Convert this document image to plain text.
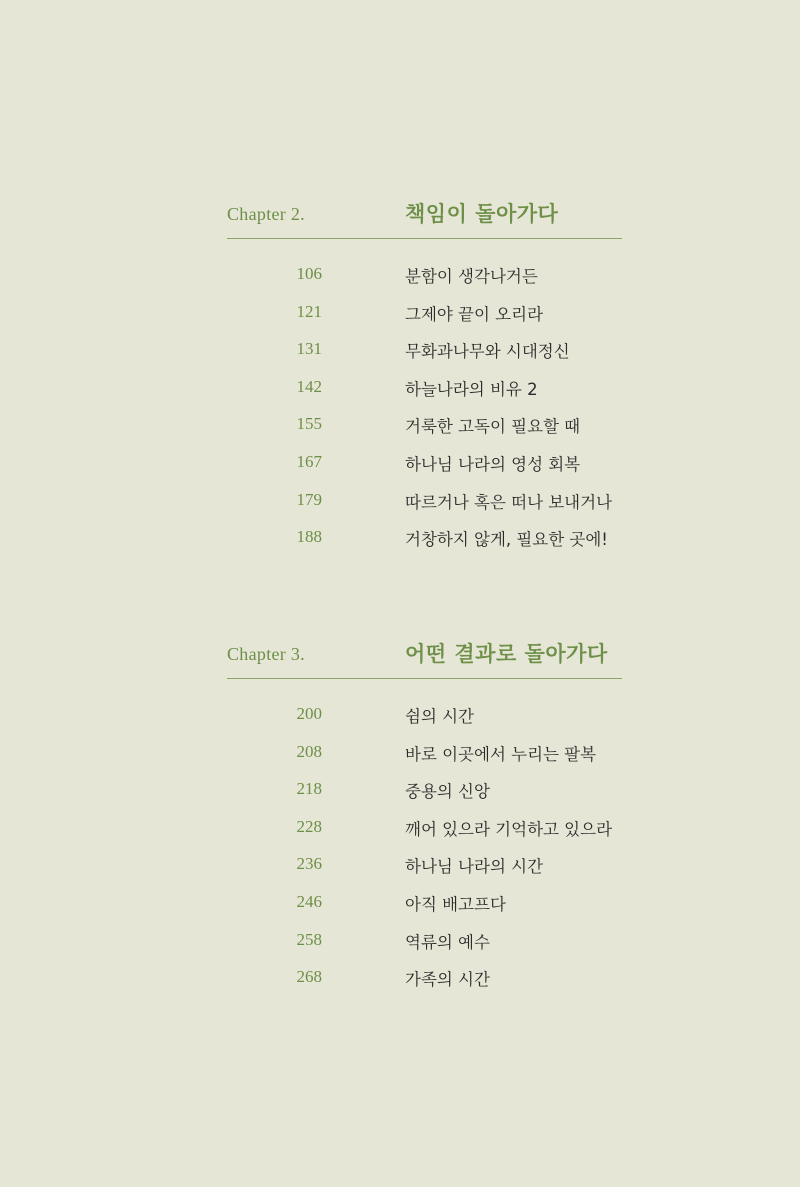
Chapter 2.	책임이 돌아가다
106	분함이 생각나거든
121	그제야 끝이 오리라
131	무화과나무와 시대정신
142	하늘나라의 비유 2
155	거룩한 고독이 필요할 때
167	하나님 나라의 영성 회복
179	따르거나 혹은 떠나 보내거나
188	거창하지 않게, 필요한 곳에!
Chapter 3.	어떤 결과로 돌아가다
200	쉼의 시간
208	바로 이곳에서 누리는 팔복
218	중용의 신앙
228	깨어 있으라 기억하고 있으라
236	하나님 나라의 시간
246	아직 배고프다
258	역류의 예수
268	가족의 시간
